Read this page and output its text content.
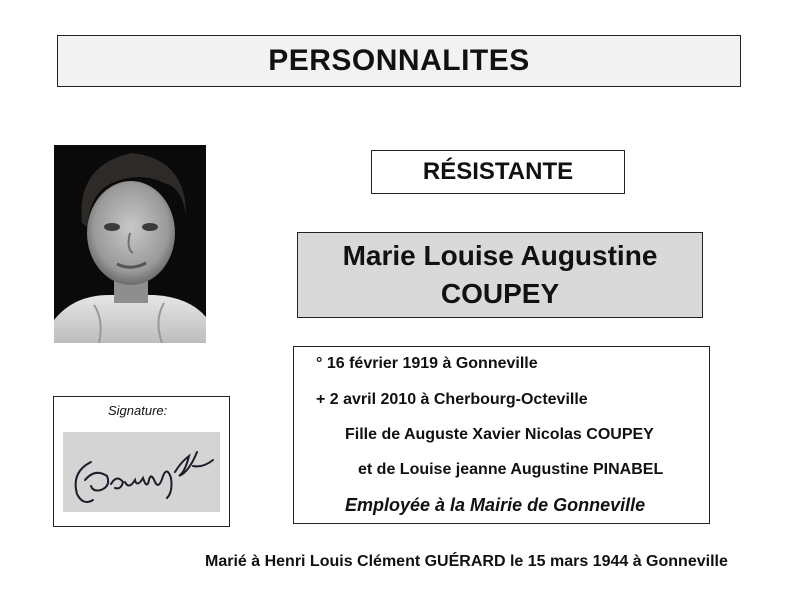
PERSONNALITES
RÉSISTANTE
Marie Louise Augustine
COUPEY
° 16 février 1919 à Gonneville
+ 2 avril 2010 à Cherbourg-Octeville
Fille de Auguste Xavier Nicolas COUPEY
et de Louise jeanne Augustine PINABEL
Employée à la Mairie de Gonneville
Signature:
Marié à Henri Louis Clément GUÉRARD le 15 mars 1944 à Gonneville
